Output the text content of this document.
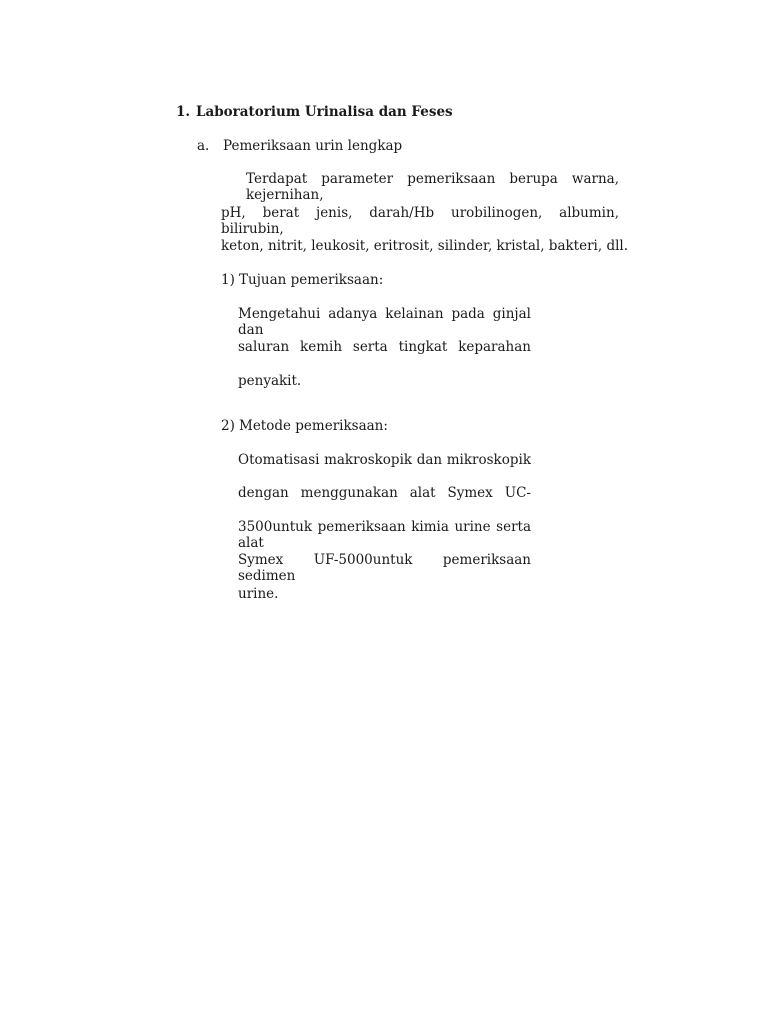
1. Laboratorium Urinalisa dan Feses
a. Pemeriksaan urin lengkap
Terdapat parameter pemeriksaan berupa warna, kejernihan,
pH, berat jenis, darah/Hb urobilinogen, albumin, bilirubin,
keton, nitrit, leukosit, eritrosit, silinder, kristal, bakteri, dll.
1) Tujuan pemeriksaan:
Mengetahui adanya kelainan pada ginjal dan
saluran kemih serta tingkat keparahan
penyakit.
2) Metode pemeriksaan:
Otomatisasi makroskopik dan mikroskopik
dengan menggunakan alat Symex UC-
3500untuk pemeriksaan kimia urine serta alat
Symex UF-5000untuk pemeriksaan sedimen
urine.
